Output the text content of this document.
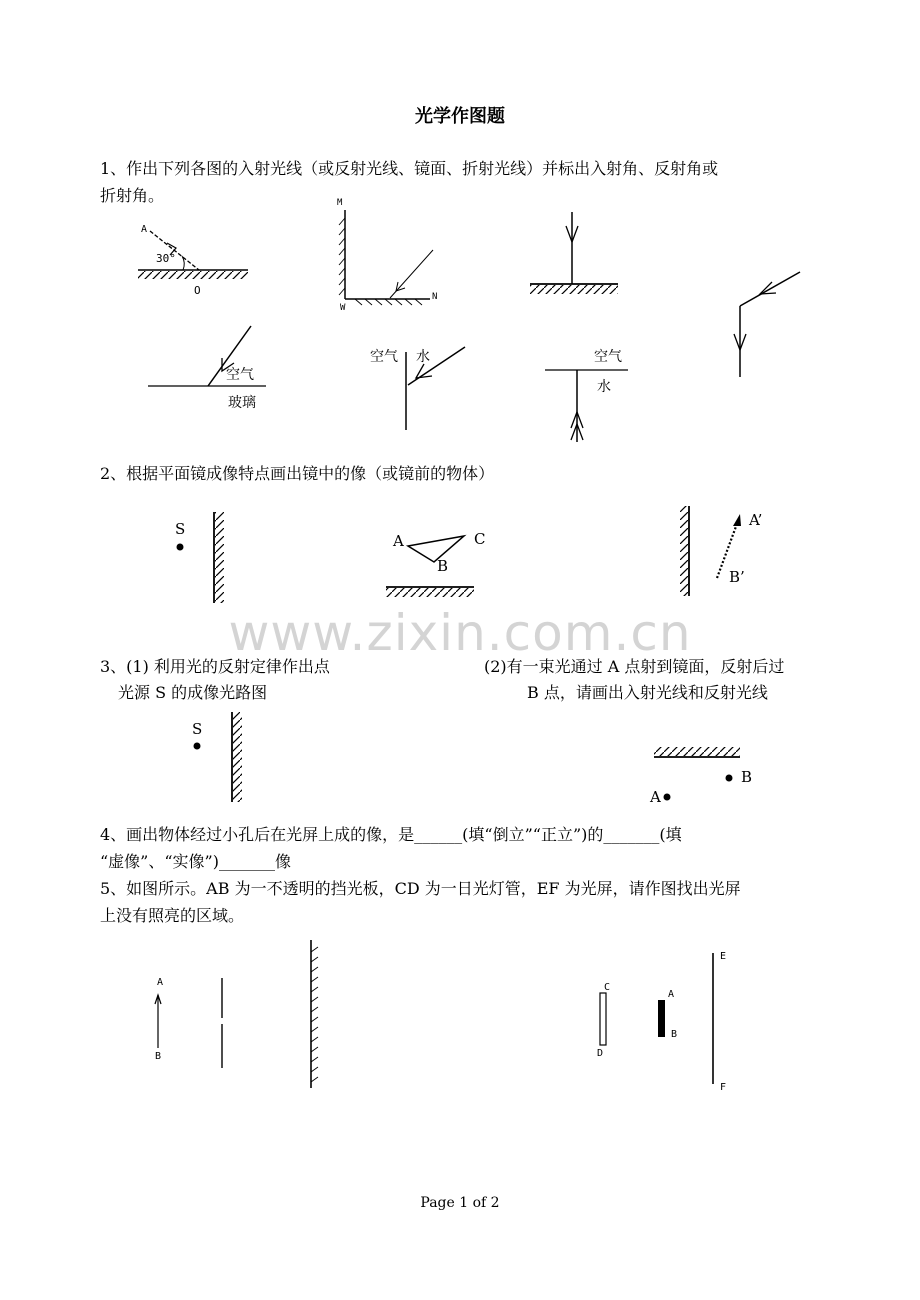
光学作图题
1、作出下列各图的入射光线（或反射光线、镜面、折射光线）并标出入射角、反射角或
折射角。
A
30°
O
M
W
N
空气
玻璃
空气 水	空气
水
2、根据平面镜成像特点画出镜中的像（或镜前的物体）
S
A	C
B
A’
B’
www.zixin.com.cn
3、(1) 利用光的反射定律作出点
光源 S 的成像光路图
(2)有一束光通过 A 点射到镜面，反射后过
B 点，请画出入射光线和反射光线
S
A
B
4、画出物体经过小孔后在光屏上成的像，是______(填“倒立”“正立”)的_______(填
“虚像”、“实像”)_______像
5、如图所示。AB 为一不透明的挡光板，CD 为一日光灯管，EF 为光屏，请作图找出光屏
上没有照亮的区域。
A
B
C
D
A
B
E
F
Page 1 of 2
